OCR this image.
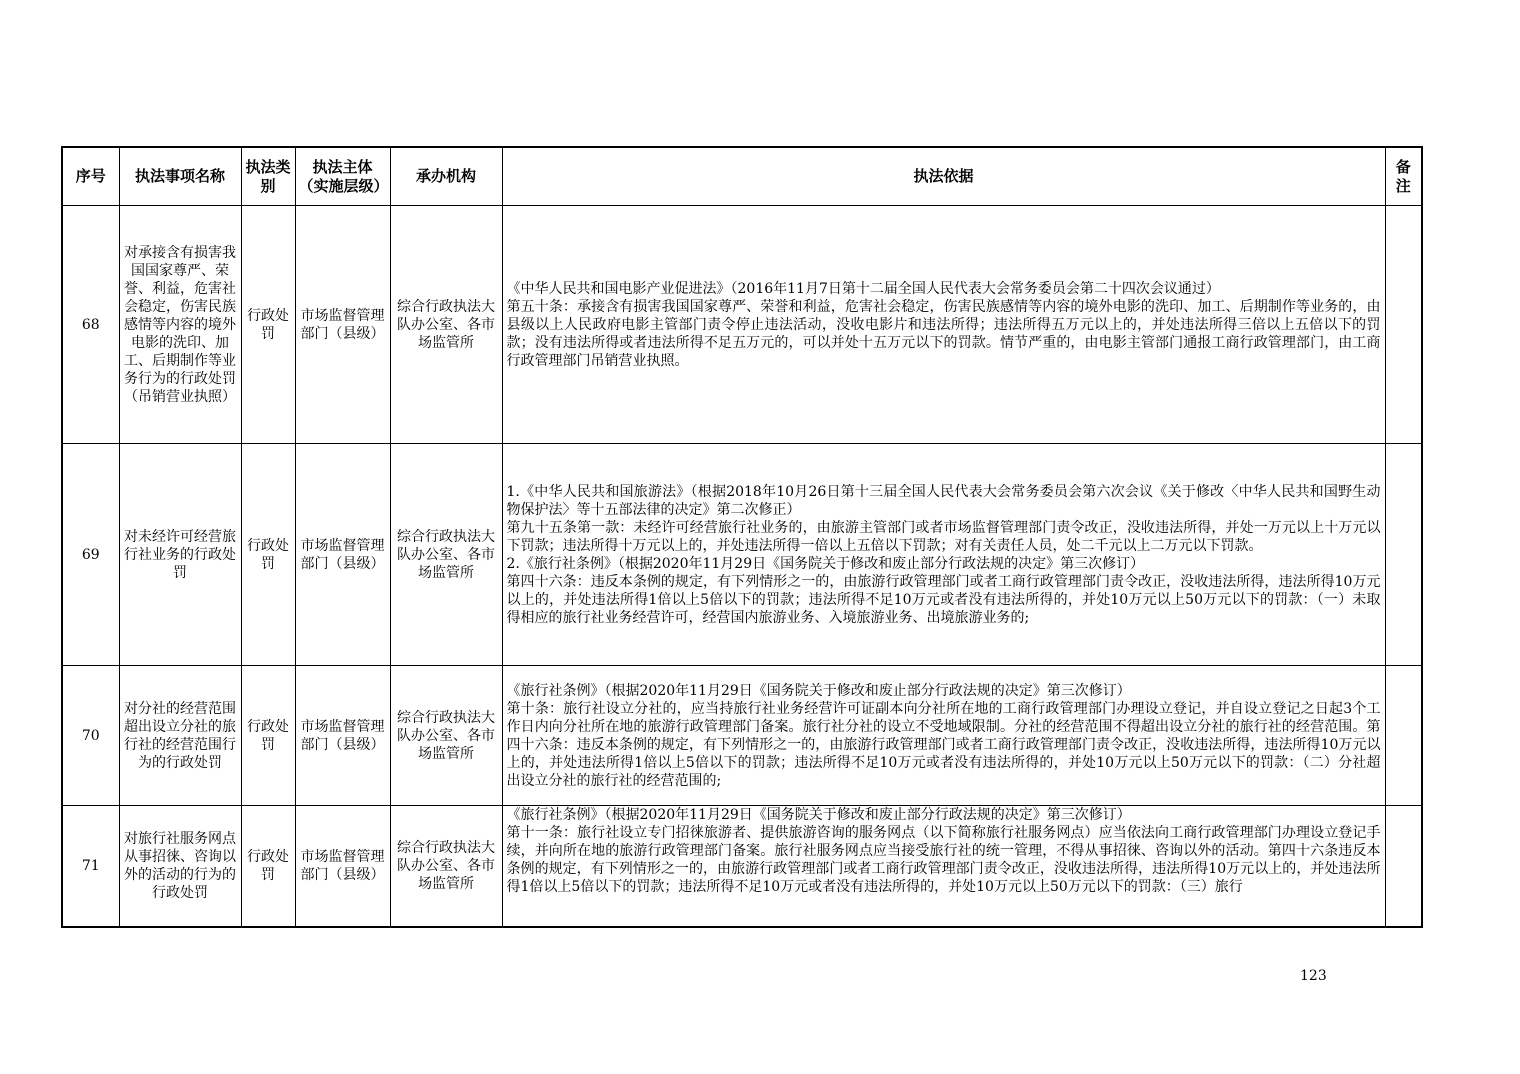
序号	执法事项名称	执法类别	执法主体（实施层级）	承办机构	执法依据	备注
68	对承接含有损害我国国家尊严、荣誉、利益，危害社会稳定，伤害民族感情等内容的境外电影的洗印、加工、后期制作等业务行为的行政处罚（吊销营业执照）	行政处罚	市场监督管理部门（县级）	综合行政执法大队办公室、各市场监管所	《中华人民共和国电影产业促进法》（2016年11月7日第十二届全国人民代表大会常务委员会第二十四次会议通过）

第五十条：承接含有损害我国国家尊严、荣誉和利益，危害社会稳定，伤害民族感情等内容的境外电影的洗印、加工、后期制作等业务的，由县级以上人民政府电影主管部门责令停止违法活动，没收电影片和违法所得；违法所得五万元以上的，并处违法所得三倍以上五倍以下的罚款；没有违法所得或者违法所得不足五万元的，可以并处十五万元以下的罚款。情节严重的，由电影主管部门通报工商行政管理部门，由工商行政管理部门吊销营业执照。	

69	对未经许可经营旅行社业务的行政处罚	行政处罚	市场监督管理部门（县级）	综合行政执法大队办公室、各市场监管所	1.《中华人民共和国旅游法》（根据2018年10月26日第十三届全国人民代表大会常务委员会第六次会议《关于修改〈中华人民共和国野生动物保护法〉等十五部法律的决定》第二次修正）

第九十五条第一款：未经许可经营旅行社业务的，由旅游主管部门或者市场监督管理部门责令改正，没收违法所得，并处一万元以上十万元以下罚款；违法所得十万元以上的，并处违法所得一倍以上五倍以下罚款；对有关责任人员，处二千元以上二万元以下罚款。

2.《旅行社条例》（根据2020年11月29日《国务院关于修改和废止部分行政法规的决定》第三次修订）

第四十六条：违反本条例的规定，有下列情形之一的，由旅游行政管理部门或者工商行政管理部门责令改正，没收违法所得，违法所得10万元以上的，并处违法所得1倍以上5倍以下的罚款；违法所得不足10万元或者没有违法所得的，并处10万元以上50万元以下的罚款：（一）未取得相应的旅行社业务经营许可，经营国内旅游业务、入境旅游业务、出境旅游业务的;	

70	对分社的经营范围超出设立分社的旅行社的经营范围行为的行政处罚	行政处罚	市场监督管理部门（县级）	综合行政执法大队办公室、各市场监管所	《旅行社条例》（根据2020年11月29日《国务院关于修改和废止部分行政法规的决定》第三次修订）

第十条：旅行社设立分社的，应当持旅行社业务经营许可证副本向分社所在地的工商行政管理部门办理设立登记，并自设立登记之日起3个工作日内向分社所在地的旅游行政管理部门备案。旅行社分社的设立不受地域限制。分社的经营范围不得超出设立分社的旅行社的经营范围。第四十六条：违反本条例的规定，有下列情形之一的，由旅游行政管理部门或者工商行政管理部门责令改正，没收违法所得，违法所得10万元以上的，并处违法所得1倍以上5倍以下的罚款；违法所得不足10万元或者没有违法所得的，并处10万元以上50万元以下的罚款：（二）分社超出设立分社的旅行社的经营范围的;	

71	对旅行社服务网点从事招徕、咨询以外的活动的行为的行政处罚	行政处罚	市场监督管理部门（县级）	综合行政执法大队办公室、各市场监管所	《旅行社条例》（根据2020年11月29日《国务院关于修改和废止部分行政法规的决定》第三次修订）

第十一条：旅行社设立专门招徕旅游者、提供旅游咨询的服务网点（以下简称旅行社服务网点）应当依法向工商行政管理部门办理设立登记手续，并向所在地的旅游行政管理部门备案。旅行社服务网点应当接受旅行社的统一管理，不得从事招徕、咨询以外的活动。第四十六条违反本条例的规定，有下列情形之一的，由旅游行政管理部门或者工商行政管理部门责令改正，没收违法所得，违法所得10万元以上的，并处违法所得1倍以上5倍以下的罚款；违法所得不足10万元或者没有违法所得的，并处10万元以上50万元以下的罚款：（三）旅行	

123
